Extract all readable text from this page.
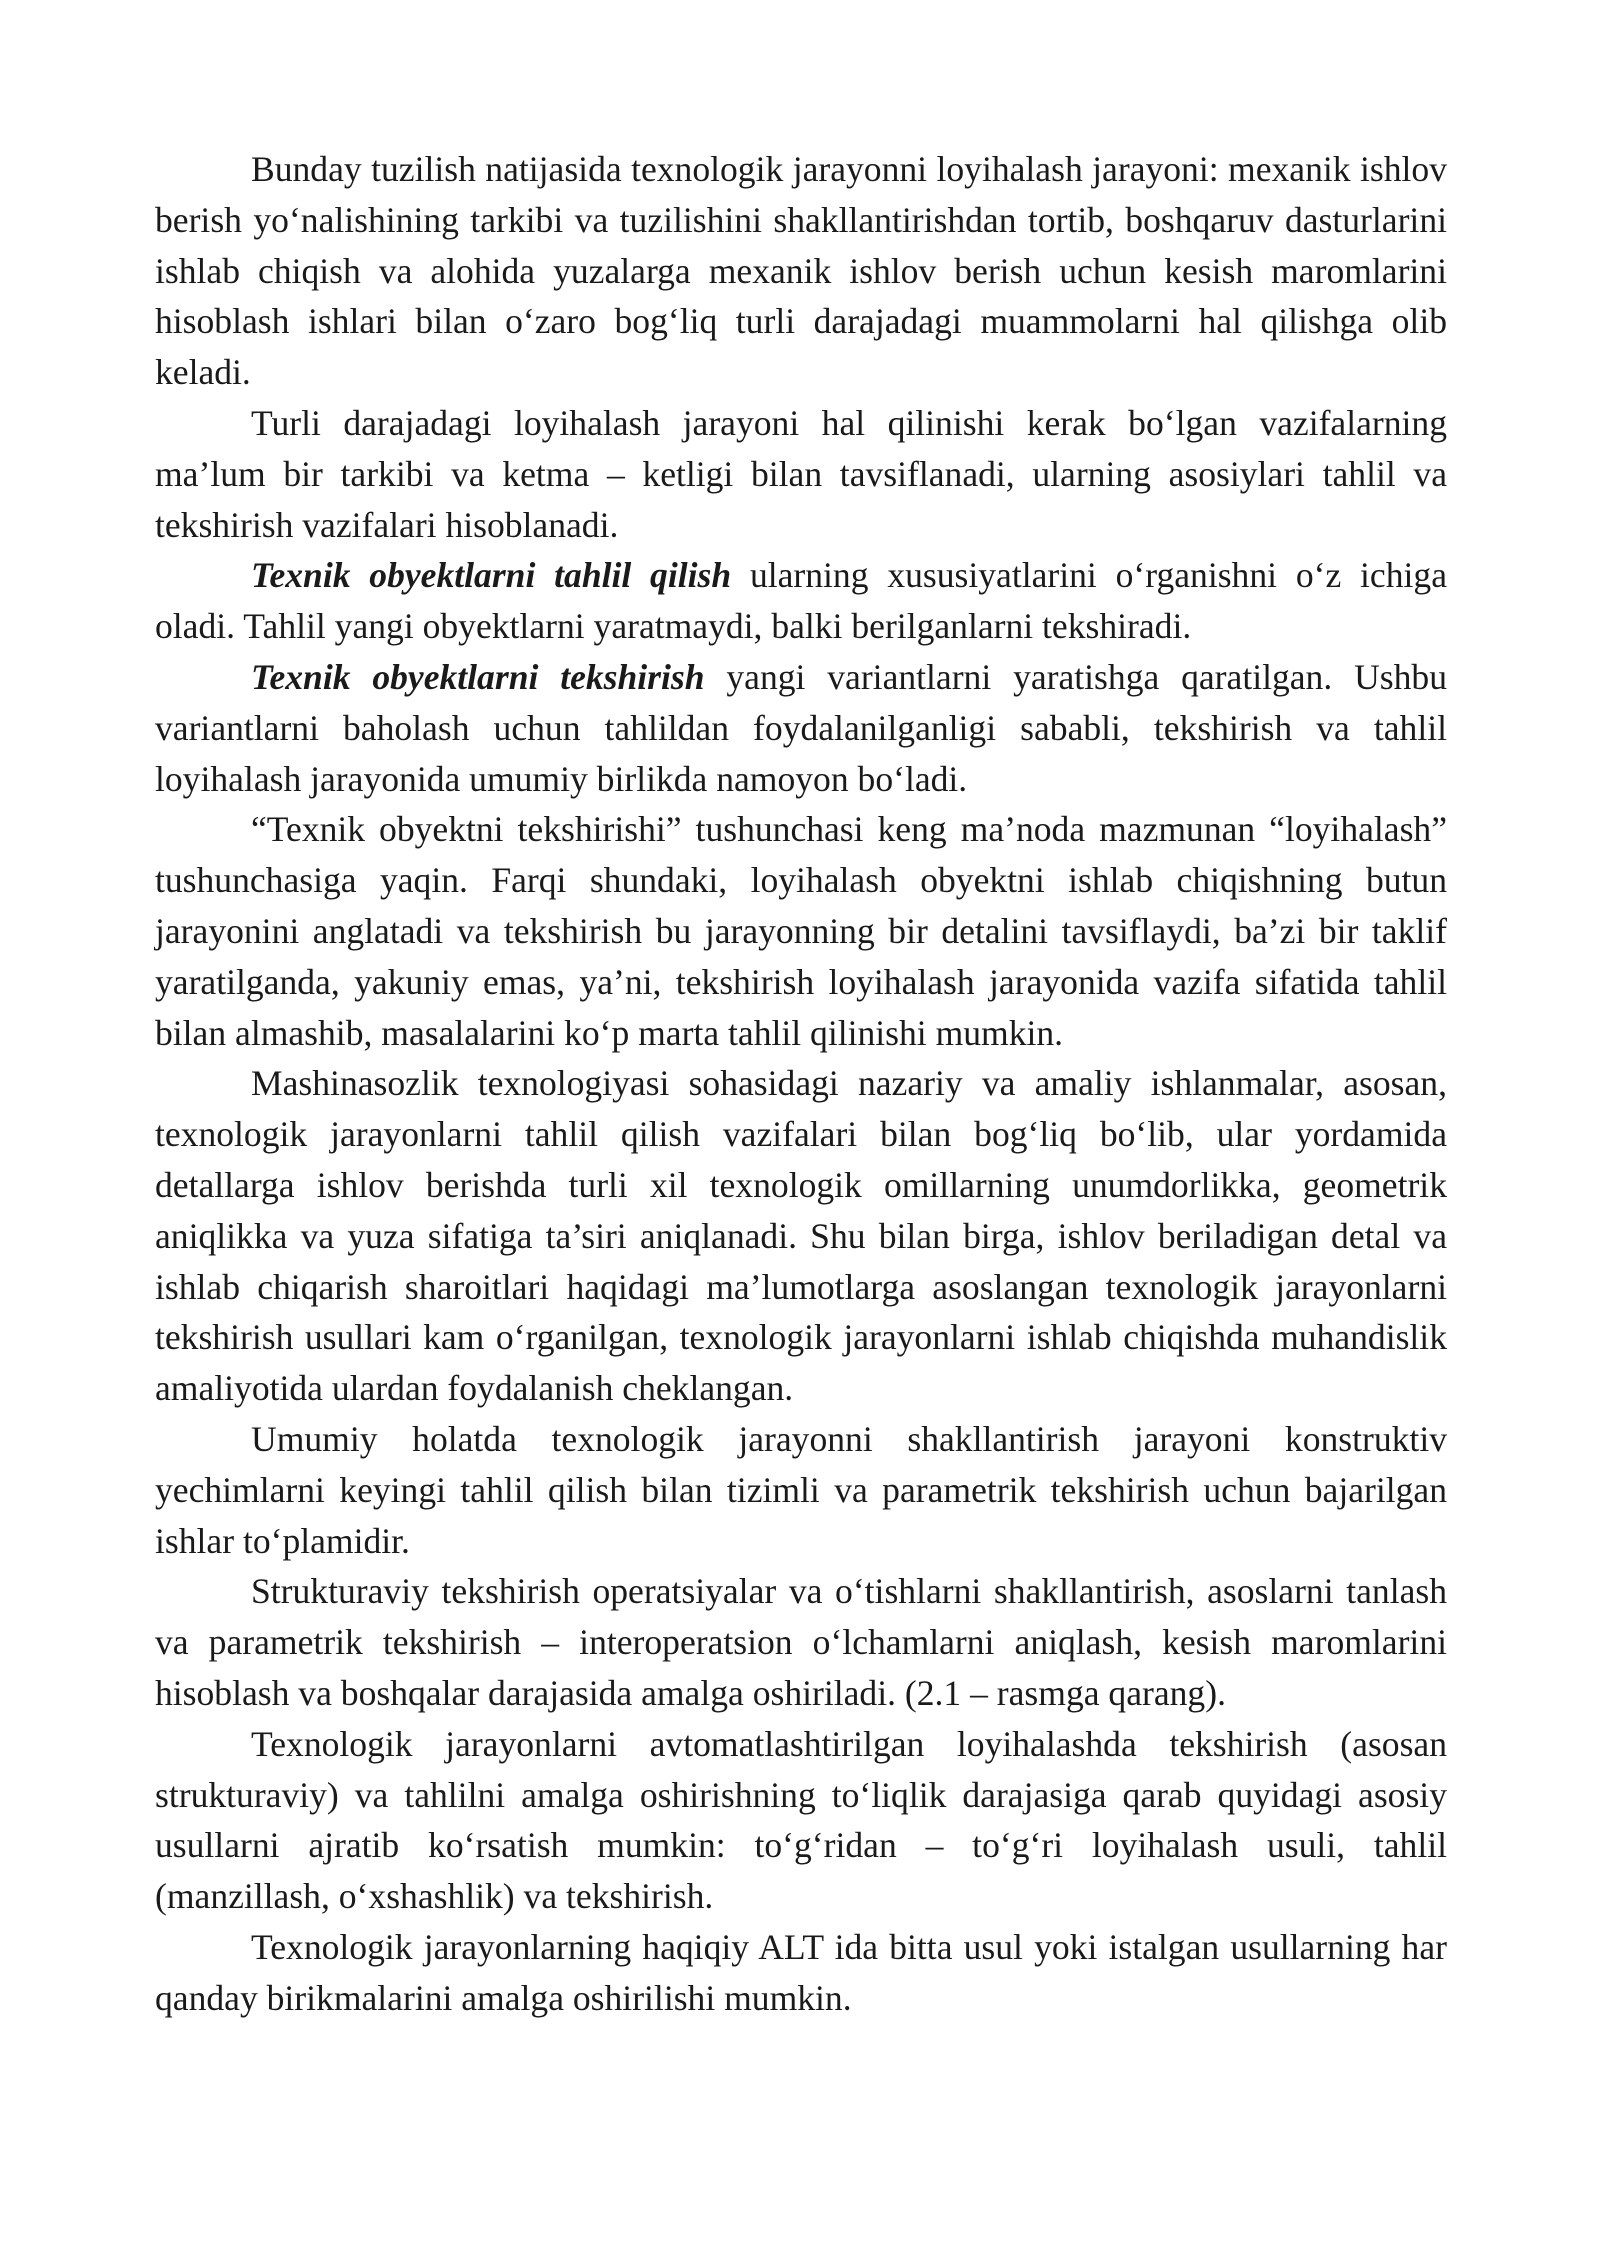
Bunday tuzilish natijasida texnologik jarayonni loyihalash jarayoni: mexanik ishlov berish yo‘nalishining tarkibi va tuzilishini shakllantirishdan tortib, boshqaruv dasturlarini ishlab chiqish va alohida yuzalarga mexanik ishlov berish uchun kesish maromlarini hisoblash ishlari bilan o‘zaro bog‘liq turli darajadagi muammolarni hal qilishga olib keladi.

Turli darajadagi loyihalash jarayoni hal qilinishi kerak bo‘lgan vazifalarning ma’lum bir tarkibi va ketma – ketligi bilan tavsiflanadi, ularning asosiylari tahlil va tekshirish vazifalari hisoblanadi.

Texnik obyektlarni tahlil qilish ularning xususiyatlarini o‘rganishni o‘z ichiga oladi. Tahlil yangi obyektlarni yaratmaydi, balki berilganlarni tekshiradi.

Texnik obyektlarni tekshirish yangi variantlarni yaratishga qaratilgan. Ushbu variantlarni baholash uchun tahlildan foydalanilganligi sababli, tekshirish va tahlil loyihalash jarayonida umumiy birlikda namoyon bo‘ladi.

“Texnik obyektni tekshirishi” tushunchasi keng ma’noda mazmunan “loyihalash” tushunchasiga yaqin. Farqi shundaki, loyihalash obyektni ishlab chiqishning butun jarayonini anglatadi va tekshirish bu jarayonning bir detalini tavsiflaydi, ba’zi bir taklif yaratilganda, yakuniy emas, ya’ni, tekshirish loyihalash jarayonida vazifa sifatida tahlil bilan almashib, masalalarini ko‘p marta tahlil qilinishi mumkin.

Mashinasozlik texnologiyasi sohasidagi nazariy va amaliy ishlanmalar, asosan, texnologik jarayonlarni tahlil qilish vazifalari bilan bog‘liq bo‘lib, ular yordamida detallarga ishlov berishda turli xil texnologik omillarning unumdorlikka, geometrik aniqlikka va yuza sifatiga ta’siri aniqlanadi. Shu bilan birga, ishlov beriladigan detal va ishlab chiqarish sharoitlari haqidagi ma’lumotlarga asoslangan texnologik jarayonlarni tekshirish usullari kam o‘rganilgan, texnologik jarayonlarni ishlab chiqishda muhandislik amaliyotida ulardan foydalanish cheklangan.

Umumiy holatda texnologik jarayonni shakllantirish jarayoni konstruktiv yechimlarni keyingi tahlil qilish bilan tizimli va parametrik tekshirish uchun bajarilgan ishlar to‘plamidir.

Strukturaviy tekshirish operatsiyalar va o‘tishlarni shakllantirish, asoslarni tanlash va parametrik tekshirish – interoperatsion o‘lchamlarni aniqlash, kesish maromlarini hisoblash va boshqalar darajasida amalga oshiriladi. (2.1 – rasmga qarang).

Texnologik jarayonlarni avtomatlashtirilgan loyihalashda tekshirish (asosan strukturaviy) va tahlilni amalga oshirishning to‘liqlik darajasiga qarab quyidagi asosiy usullarni ajratib ko‘rsatish mumkin: to‘g‘ridan – to‘g‘ri loyihalash usuli, tahlil (manzillash, o‘xshashlik) va tekshirish.

Texnologik jarayonlarning haqiqiy ALT ida bitta usul yoki istalgan usullarning har qanday birikmalarini amalga oshirilishi mumkin.
